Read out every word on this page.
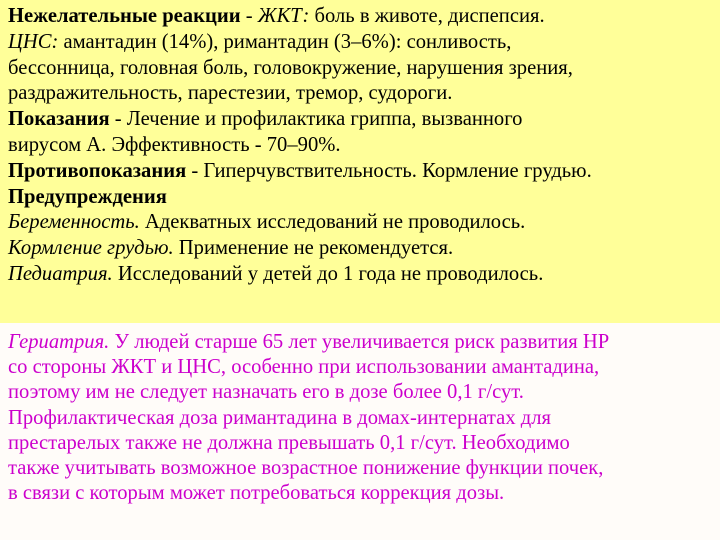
Нежелательные реакции - ЖКТ: боль в животе, диспепсия.
ЦНС: амантадин (14%), римантадин (3–6%): сонливость,
бессонница, головная боль, головокружение, нарушения зрения,
раздражительность, парестезии, тремор, судороги.
Показания - Лечение и профилактика гриппа, вызванного
вирусом А. Эффективность - 70–90%.
Противопоказания - Гиперчувствительность. Кормление грудью.
Предупреждения
Беременность. Адекватных исследований не проводилось.
Кормление грудью. Применение не рекомендуется.
Педиатрия. Исследований у детей до 1 года не проводилось.
Гериатрия. У людей старше 65 лет увеличивается риск развития НР
со стороны ЖКТ и ЦНС, особенно при использовании амантадина,
поэтому им не следует назначать его в дозе более 0,1 г/сут.
Профилактическая доза римантадина в домах-интернатах для
престарелых также не должна превышать 0,1 г/сут. Необходимо
также учитывать возможное возрастное понижение функции почек,
в связи с которым может потребоваться коррекция дозы.
